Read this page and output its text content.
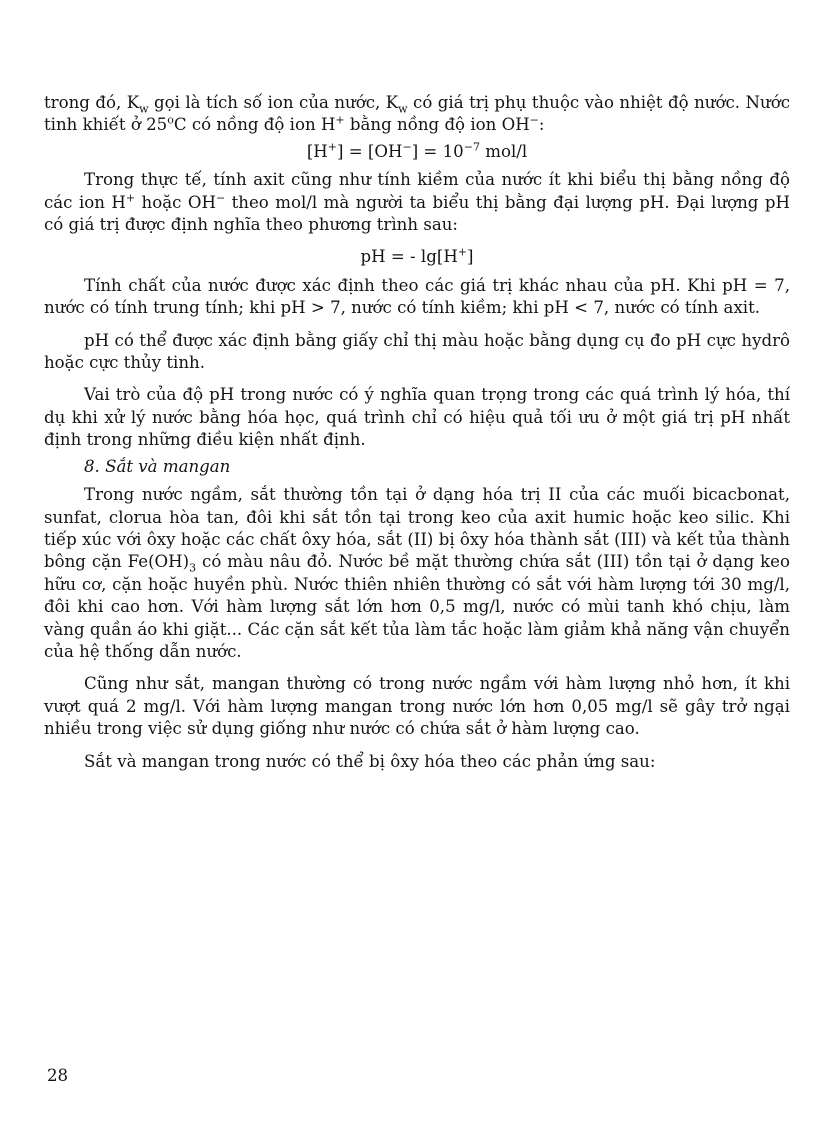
trong đó, $K_w$ gọi là tích số ion của nước, $K_w$ có giá trị phụ thuộc vào nhiệt độ nước. Nước tinh khiết ở 25$^o$C có nồng độ ion H+ bằng nồng độ ion OH−:

$[H^+] = [OH^-] = 10^{-7}$ mol/l

Trong thực tế, tính axit cũng như tính kiềm của nước ít khi biểu thị bằng nồng độ các ion H+ hoặc OH− theo mol/l mà người ta biểu thị bằng đại lượng pH. Đại lượng pH có giá trị được định nghĩa theo phương trình sau:

pH = - lg[H+]

Tính chất của nước được xác định theo các giá trị khác nhau của pH. Khi pH = 7, nước có tính trung tính; khi pH > 7, nước có tính kiềm; khi pH < 7, nước có tính axit.

pH có thể được xác định bằng giấy chỉ thị màu hoặc bằng dụng cụ đo pH cực hydrô hoặc cực thủy tinh.

Vai trò của độ pH trong nước có ý nghĩa quan trọng trong các quá trình lý hóa, thí dụ khi xử lý nước bằng hóa học, quá trình chỉ có hiệu quả tối ưu ở một giá trị pH nhất định trong những điều kiện nhất định.

8. Sắt và mangan

Trong nước ngầm, sắt thường tồn tại ở dạng hóa trị II của các muối bicacbonat, sunfat, clorua hòa tan, đôi khi sắt tồn tại trong keo của axit humic hoặc keo silic. Khi tiếp xúc với ôxy hoặc các chất ôxy hóa, sắt (II) bị ôxy hóa thành sắt (III) và kết tủa thành bông cặn $Fe(OH)_3$ có màu nâu đỏ. Nước bề mặt thường chứa sắt (III) tồn tại ở dạng keo hữu cơ, cặn hoặc huyền phù. Nước thiên nhiên thường có sắt với hàm lượng tới 30 mg/l, đôi khi cao hơn. Với hàm lượng sắt lớn hơn 0,5 mg/l, nước có mùi tanh khó chịu, làm vàng quần áo khi giặt... Các cặn sắt kết tủa làm tắc hoặc làm giảm khả năng vận chuyển của hệ thống dẫn nước.

Cũng như sắt, mangan thường có trong nước ngầm với hàm lượng nhỏ hơn, ít khi vượt quá 2 mg/l. Với hàm lượng mangan trong nước lớn hơn 0,05 mg/l sẽ gây trở ngại nhiều trong việc sử dụng giống như nước có chứa sắt ở hàm lượng cao.

Sắt và mangan trong nước có thể bị ôxy hóa theo các phản ứng sau:

28
